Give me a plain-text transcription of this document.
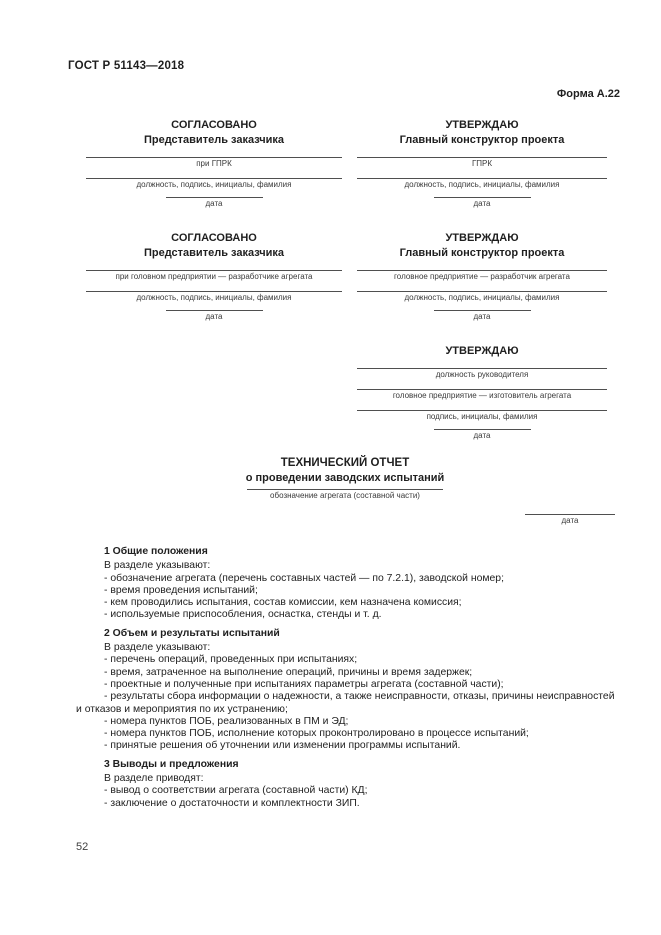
ГОСТ Р 51143—2018
Форма А.22
СОГЛАСОВАНО
Представитель заказчика
при ГПРК
должность, подпись, инициалы, фамилия
дата
СОГЛАСОВАНО
Представитель заказчика
при головном предприятии — разработчике агрегата
должность, подпись, инициалы, фамилия
дата
УТВЕРЖДАЮ
Главный конструктор проекта
ГПРК
должность, подпись, инициалы, фамилия
дата
УТВЕРЖДАЮ
Главный конструктор проекта
головное предприятие — разработчик агрегата
должность, подпись, инициалы, фамилия
дата
УТВЕРЖДАЮ
должность руководителя
головное предприятие — изготовитель агрегата
подпись, инициалы, фамилия
дата
ТЕХНИЧЕСКИЙ ОТЧЕТ
о проведении заводских испытаний
обозначение агрегата (составной части)
дата
1 Общие положения

В разделе указывают:

- обозначение агрегата (перечень составных частей — по 7.2.1), заводской номер;

- время проведения испытаний;

- кем проводились испытания, состав комиссии, кем назначена комиссия;

- используемые приспособления, оснастка, стенды и т. д.

2 Объем и результаты испытаний

В разделе указывают:

- перечень операций, проведенных при испытаниях;

- время, затраченное на выполнение операций, причины и время задержек;

- проектные и полученные при испытаниях параметры агрегата (составной части);

- результаты сбора информации о надежности, а также неисправности, отказы, причины неисправностей и отказов и мероприятия по их устранению;

- номера пунктов ПОБ, реализованных в ПМ и ЭД;

- номера пунктов ПОБ, исполнение которых проконтролировано в процессе испытаний;

- принятые решения об уточнении или изменении программы испытаний.

3 Выводы и предложения

В разделе приводят:

- вывод о соответствии агрегата (составной части) КД;

- заключение о достаточности и комплектности ЗИП.

52
